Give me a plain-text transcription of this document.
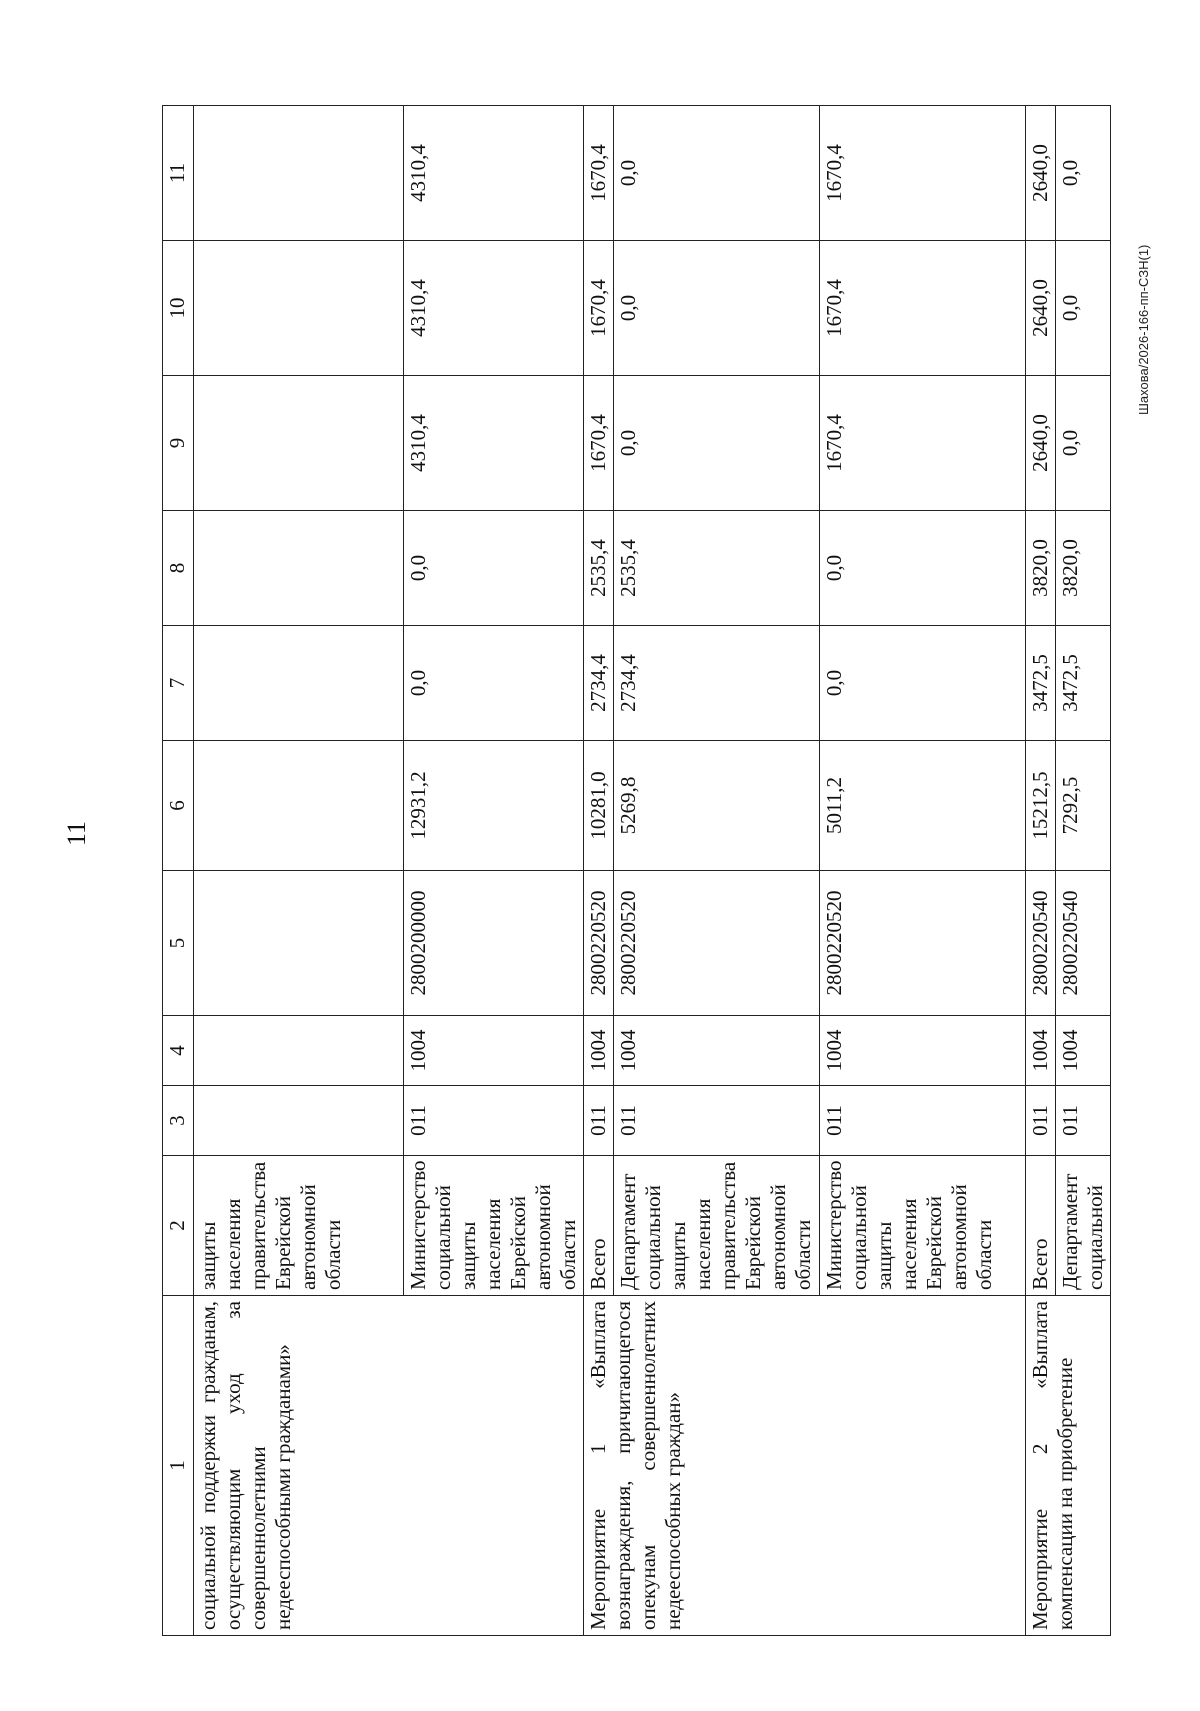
11
Шахова/2026-166-пп-СЗН(1)
1	2	3	4	5	6	7	8	9	10	11
социальной поддержки гражданам, осуществляющим уход за совершеннолетними недееспособными гражданами»	защиты населения правительства Еврейской автономной области									
	Министерство социальной защиты населения Еврейской автономной области	011	1004	2800200000	12931,2	0,0	0,0	4310,4	4310,4	4310,4
Мероприятие 1 «Выплата вознаграждения, причитающегося опекунам совершеннолетних недееспособных граждан»	Всего	011	1004	2800220520	10281,0	2734,4	2535,4	1670,4	1670,4	1670,4
	Департамент социальной защиты населения правительства Еврейской автономной области	011	1004	2800220520	5269,8	2734,4	2535,4	0,0	0,0	0,0
	Министерство социальной защиты населения Еврейской автономной области	011	1004	2800220520	5011,2	0,0	0,0	1670,4	1670,4	1670,4
Мероприятие 2 «Выплата компенсации на приобретение	Всего	011	1004	2800220540	15212,5	3472,5	3820,0	2640,0	2640,0	2640,0
	Департамент социальной	011	1004	2800220540	7292,5	3472,5	3820,0	0,0	0,0	0,0
